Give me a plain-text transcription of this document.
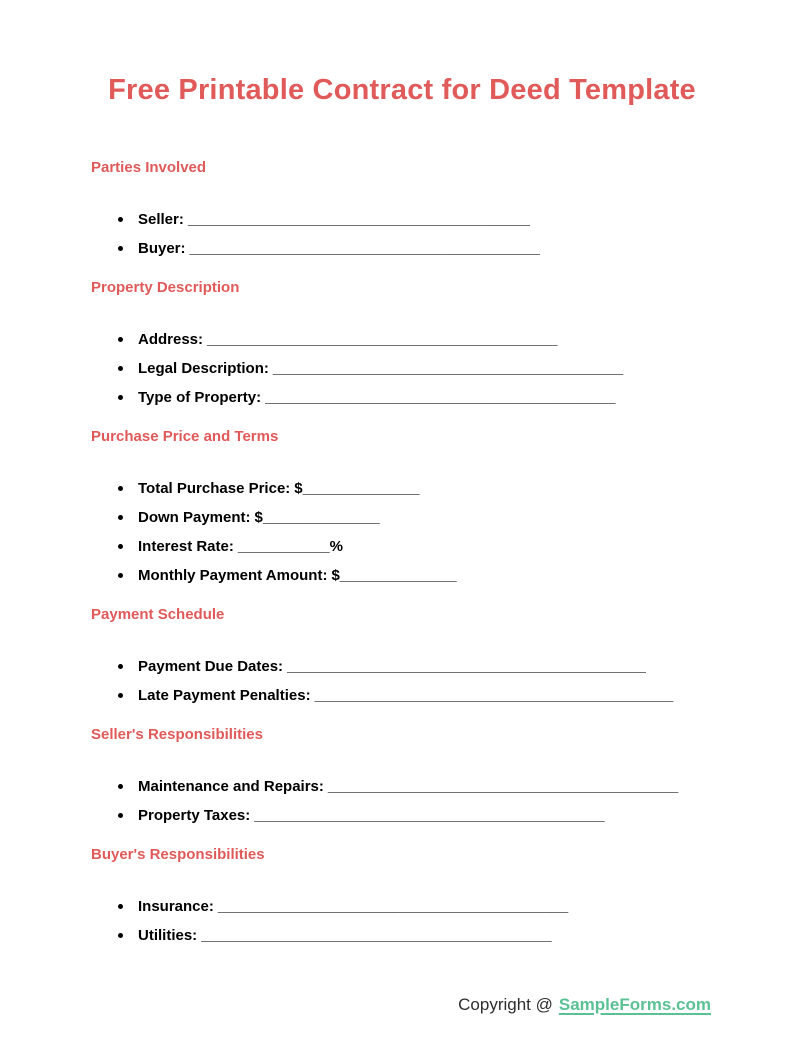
Free Printable Contract for Deed Template
Parties Involved
Seller: _________________________________________
Buyer: __________________________________________
Property Description
Address: __________________________________________
Legal Description: __________________________________________
Type of Property: __________________________________________
Purchase Price and Terms
Total Purchase Price: $______________
Down Payment: $______________
Interest Rate: ___________ %
Monthly Payment Amount: $______________
Payment Schedule
Payment Due Dates: ___________________________________________
Late Payment Penalties: ___________________________________________
Seller's Responsibilities
Maintenance and Repairs: __________________________________________
Property Taxes: __________________________________________
Buyer's Responsibilities
Insurance: __________________________________________
Utilities: __________________________________________
Copyright @ SampleForms.com
